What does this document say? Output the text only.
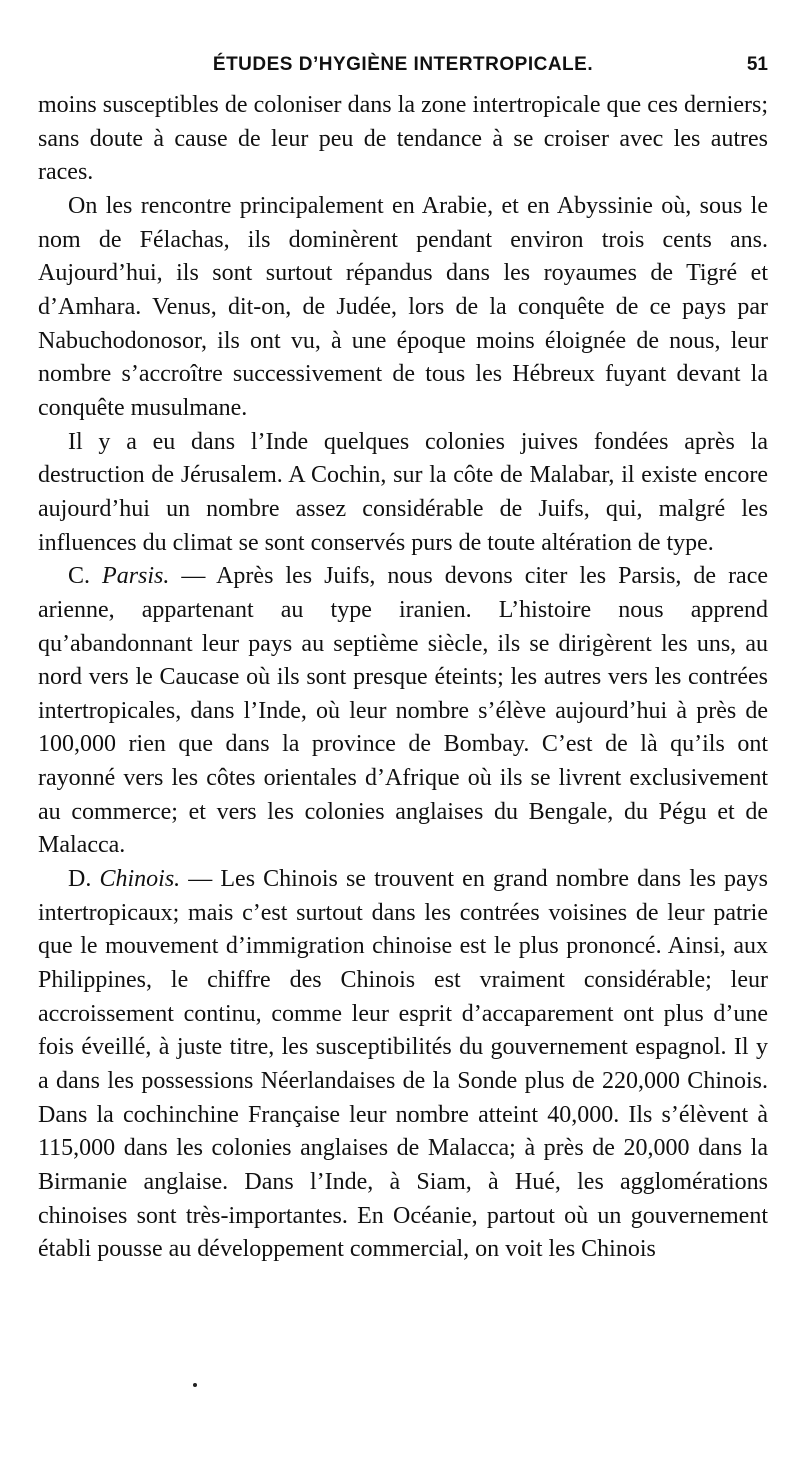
ÉTUDES D’HYGIÈNE INTERTROPICALE.	51

moins susceptibles de coloniser dans la zone intertropicale que ces derniers; sans doute à cause de leur peu de tendance à se croiser avec les autres races.

On les rencontre principalement en Arabie, et en Abyssinie où, sous le nom de Félachas, ils dominèrent pendant environ trois cents ans. Aujourd’hui, ils sont surtout répandus dans les royaumes de Tigré et d’Amhara. Venus, dit-on, de Judée, lors de la conquête de ce pays par Nabuchodonosor, ils ont vu, à une époque moins éloignée de nous, leur nombre s’accroître successivement de tous les Hébreux fuyant devant la conquête musulmane.

Il y a eu dans l’Inde quelques colonies juives fondées après la destruction de Jérusalem. A Cochin, sur la côte de Malabar, il existe encore aujourd’hui un nombre assez considérable de Juifs, qui, malgré les influences du climat se sont conservés purs de toute altération de type.

C. Parsis. — Après les Juifs, nous devons citer les Parsis, de race arienne, appartenant au type iranien. L’histoire nous apprend qu’abandonnant leur pays au septième siècle, ils se dirigèrent les uns, au nord vers le Caucase où ils sont presque éteints; les autres vers les contrées intertropicales, dans l’Inde, où leur nombre s’élève aujourd’hui à près de 100,000 rien que dans la province de Bombay. C’est de là qu’ils ont rayonné vers les côtes orientales d’Afrique où ils se livrent exclusivement au commerce; et vers les colonies anglaises du Bengale, du Pégu et de Malacca.

D. Chinois. — Les Chinois se trouvent en grand nombre dans les pays intertropicaux; mais c’est surtout dans les contrées voisines de leur patrie que le mouvement d’immigration chinoise est le plus prononcé. Ainsi, aux Philippines, le chiffre des Chinois est vraiment considérable; leur accroissement continu, comme leur esprit d’accaparement ont plus d’une fois éveillé, à juste titre, les susceptibilités du gouvernement espagnol. Il y a dans les possessions Néerlandaises de la Sonde plus de 220,000 Chinois. Dans la cochinchine Française leur nombre atteint 40,000. Ils s’élèvent à 115,000 dans les colonies anglaises de Malacca; à près de 20,000 dans la Birmanie anglaise. Dans l’Inde, à Siam, à Hué, les agglomérations chinoises sont très-importantes. En Océanie, partout où un gouvernement établi pousse au développement commercial, on voit les Chinois
